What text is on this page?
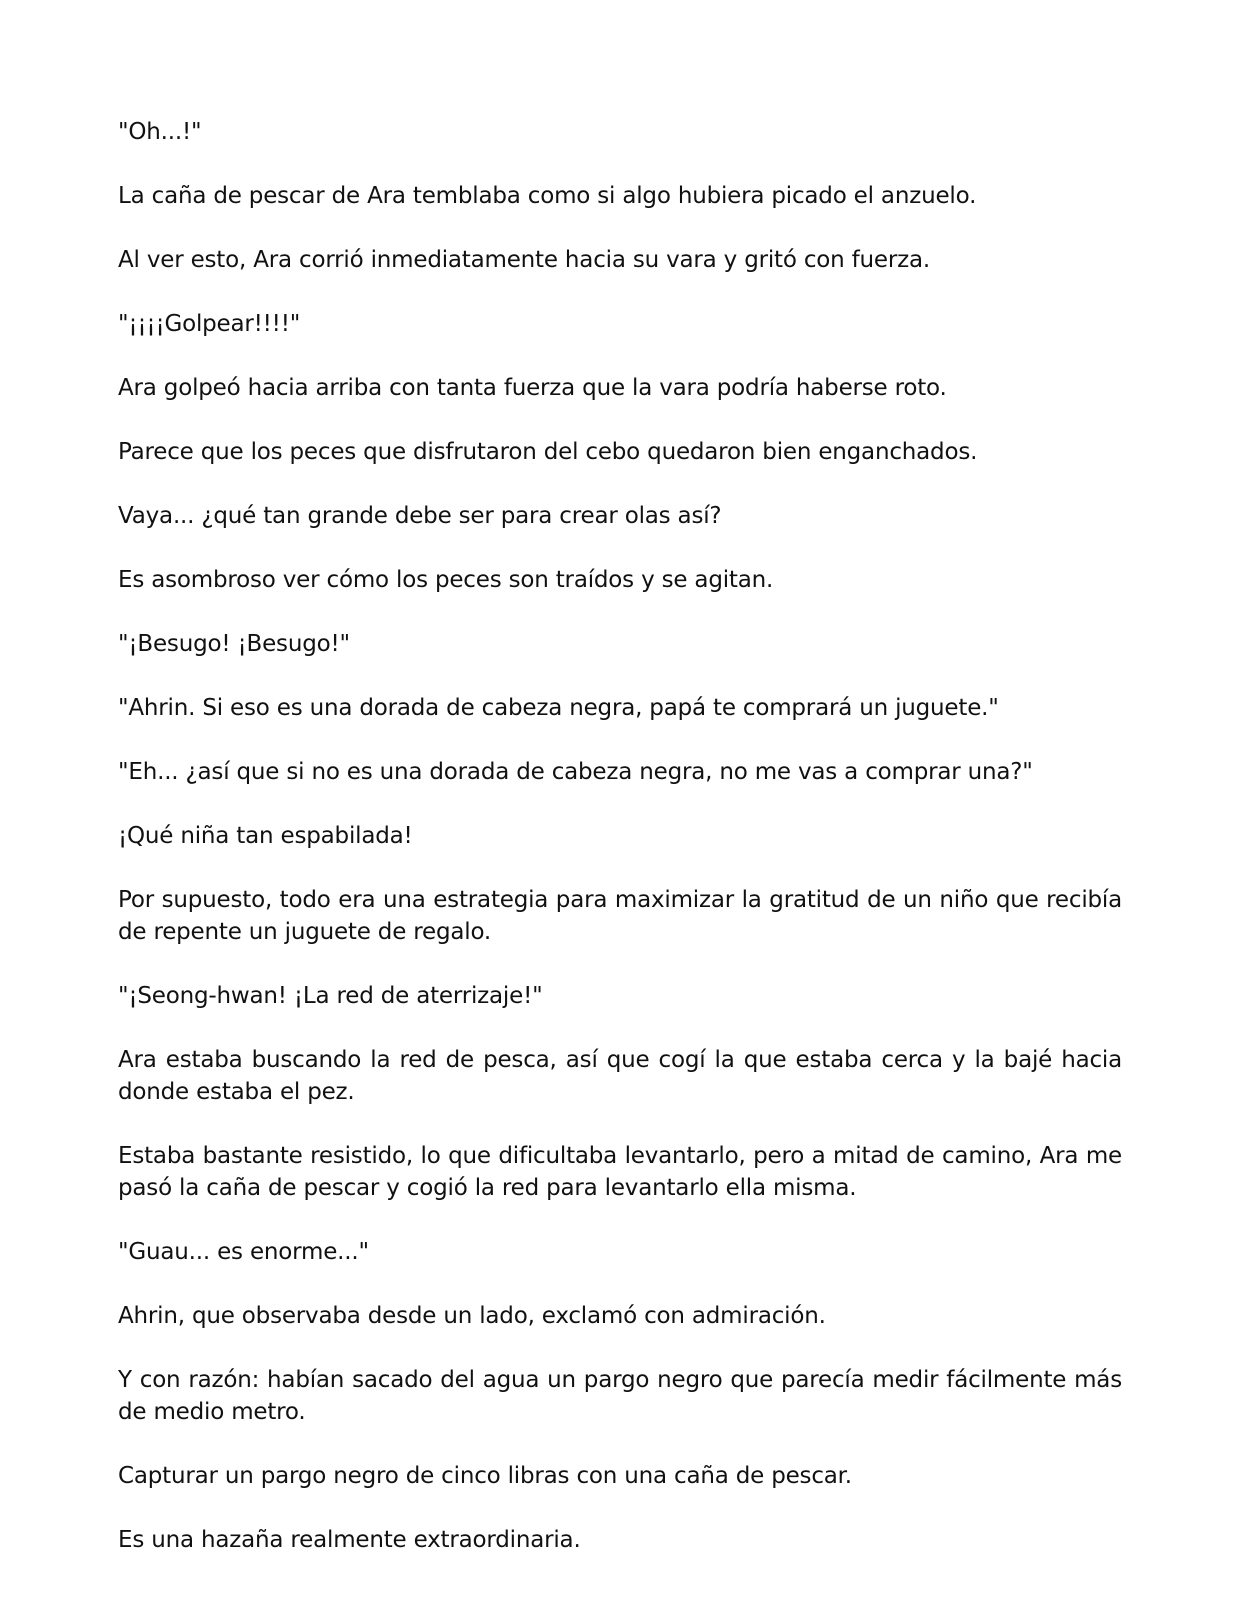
"Oh...!"

La caña de pescar de Ara temblaba como si algo hubiera picado el anzuelo.

Al ver esto, Ara corrió inmediatamente hacia su vara y gritó con fuerza.

"¡¡¡¡Golpear!!!!"

Ara golpeó hacia arriba con tanta fuerza que la vara podría haberse roto.

Parece que los peces que disfrutaron del cebo quedaron bien enganchados.

Vaya... ¿qué tan grande debe ser para crear olas así?

Es asombroso ver cómo los peces son traídos y se agitan.

"¡Besugo! ¡Besugo!"

"Ahrin. Si eso es una dorada de cabeza negra, papá te comprará un juguete."

"Eh... ¿así que si no es una dorada de cabeza negra, no me vas a comprar una?"

¡Qué niña tan espabilada!

Por supuesto, todo era una estrategia para maximizar la gratitud de un niño que recibía de repente un juguete de regalo.

"¡Seong-hwan! ¡La red de aterrizaje!"

Ara estaba buscando la red de pesca, así que cogí la que estaba cerca y la bajé hacia donde estaba el pez.

Estaba bastante resistido, lo que dificultaba levantarlo, pero a mitad de camino, Ara me pasó la caña de pescar y cogió la red para levantarlo ella misma.

"Guau... es enorme..."

Ahrin, que observaba desde un lado, exclamó con admiración.

Y con razón: habían sacado del agua un pargo negro que parecía medir fácilmente más de medio metro.

Capturar un pargo negro de cinco libras con una caña de pescar.

Es una hazaña realmente extraordinaria.
